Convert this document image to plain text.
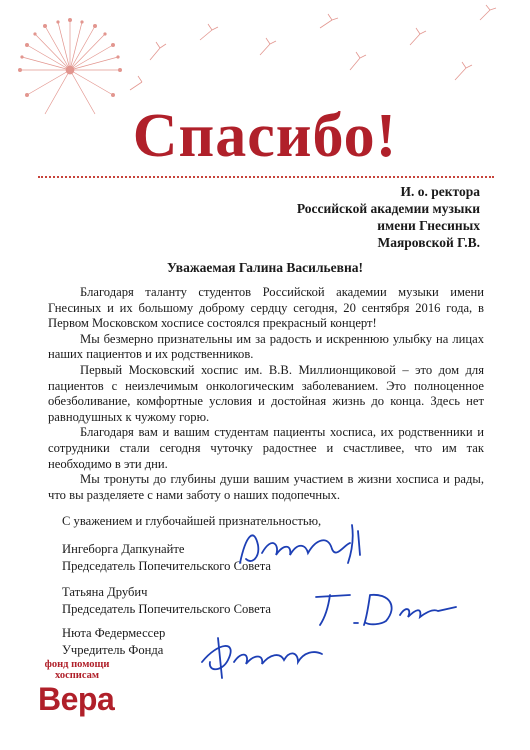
Спасибо!
И. о. ректора
Российской академии музыки
имени Гнесиных
Маяровской Г.В.
Уважаемая Галина Васильевна!

Благодаря таланту студентов Российской академии музыки имени Гнесиных и их большому доброму сердцу сегодня, 20 сентября 2016 года, в Первом Московском хосписе состоялся прекрасный концерт!

Мы безмерно признательны им за радость и искреннюю улыбку на лицах наших пациентов и их родственников.

Первый Московский хоспис им. В.В. Миллионщиковой – это дом для пациентов с неизлечимым онкологическим заболеванием. Это полноценное обезболивание, комфортные условия и достойная жизнь до конца. Здесь нет равнодушных к чужому горю.

Благодаря вам и вашим студентам пациенты хосписа, их родственники и сотрудники стали сегодня чуточку радостнее и счастливее, что им так необходимо в эти дни.

Мы тронуты до глубины души вашим участием в жизни хосписа и рады, что вы разделяете с нами заботу о наших подопечных.

С уважением и глубочайшей признательностью,
Ингеборга Дапкунайте
Председатель Попечительского Совета
Татьяна Друбич
Председатель Попечительского Совета
Нюта Федермессер
Учредитель Фонда
фонд помощи
хосписам
Вера
